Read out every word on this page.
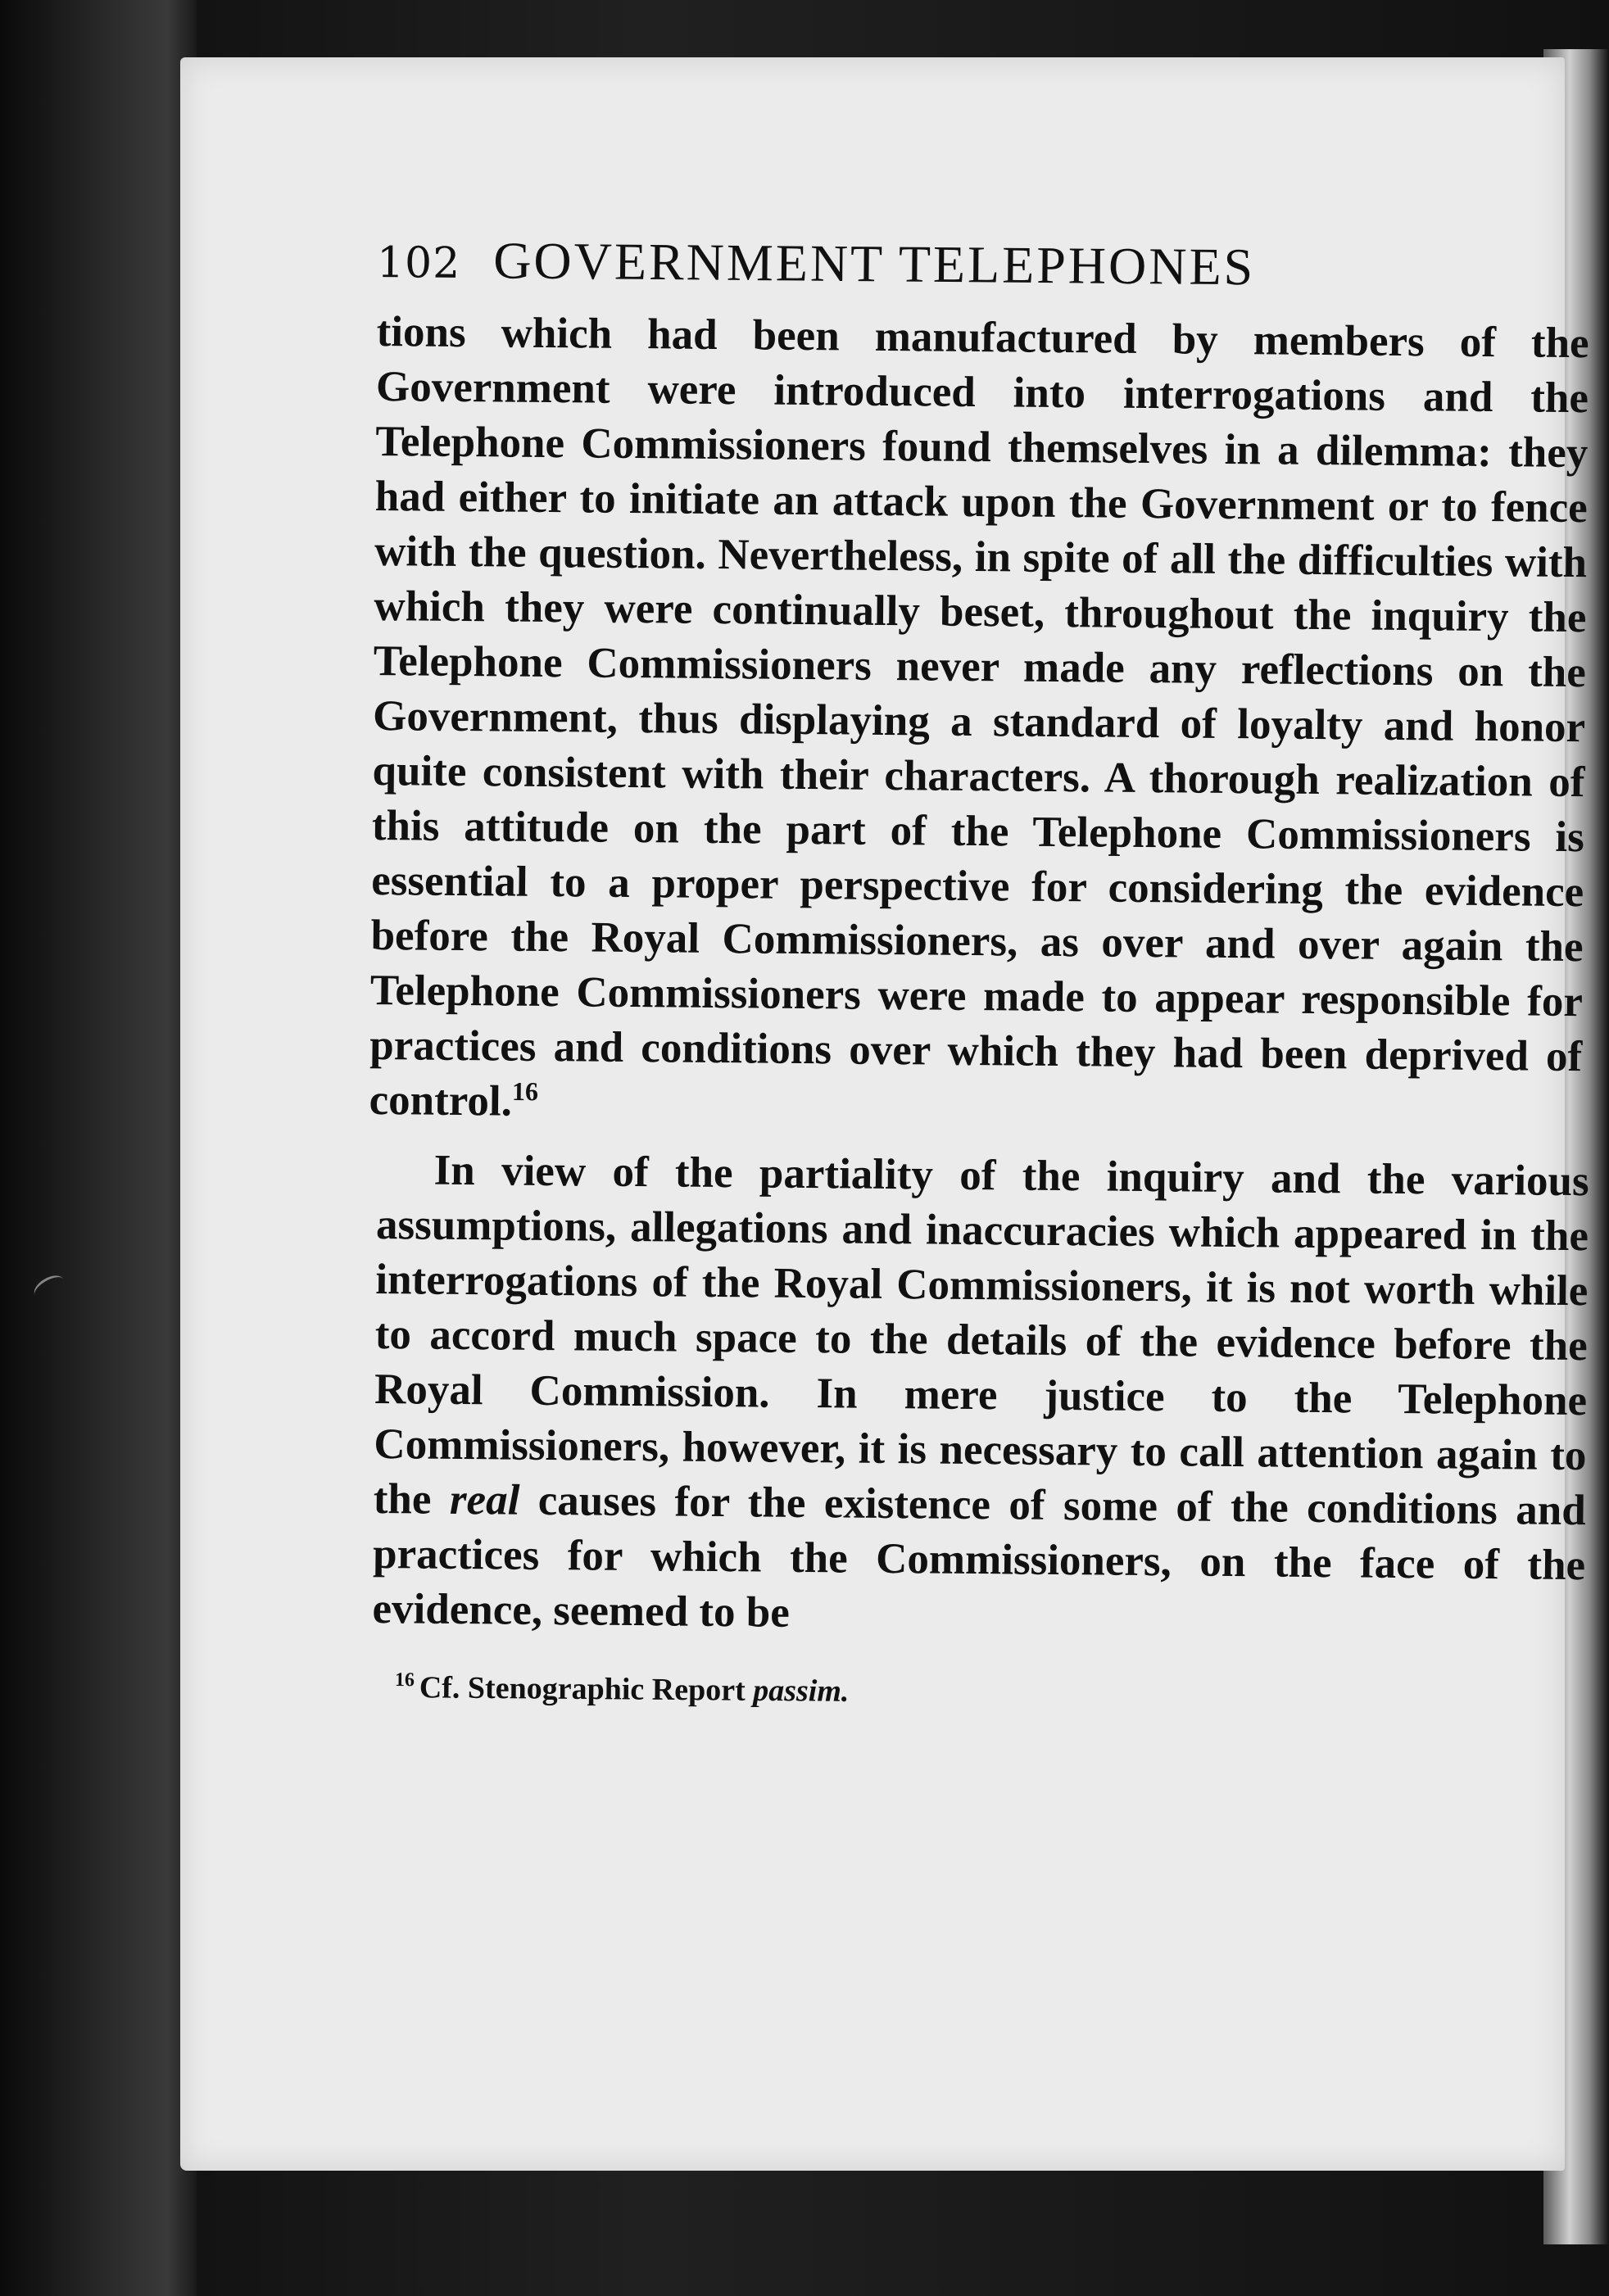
102 GOVERNMENT TELEPHONES

tions which had been manufactured by members of the Government were introduced into interrogations and the Telephone Commissioners found themselves in a dilemma: they had either to initiate an attack upon the Government or to fence with the question. Nevertheless, in spite of all the difficulties with which they were continually beset, throughout the inquiry the Telephone Commissioners never made any reflections on the Government, thus displaying a standard of loyalty and honor quite consistent with their characters. A thorough realization of this attitude on the part of the Telephone Commissioners is essential to a proper perspective for considering the evidence before the Royal Commissioners, as over and over again the Telephone Commissioners were made to appear responsible for practices and conditions over which they had been deprived of control.$^{16}$

In view of the partiality of the inquiry and the various assumptions, allegations and inaccuracies which appeared in the interrogations of the Royal Commissioners, it is not worth while to accord much space to the details of the evidence before the Royal Commission. In mere justice to the Telephone Commissioners, however, it is necessary to call attention again to the real causes for the existence of some of the conditions and practices for which the Commissioners, on the face of the evidence, seemed to be

$^{16}$ Cf. Stenographic Report passim.
